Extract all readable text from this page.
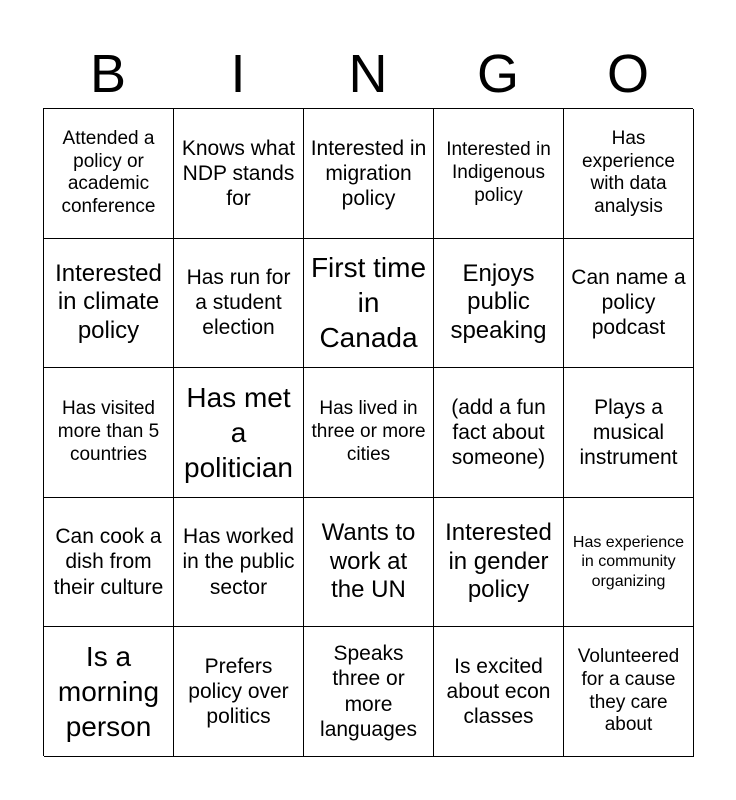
B	I	N	G	O
Attended a policy or academic conference
Knows what NDP stands for
Interested in migration policy
Interested in Indigenous policy
Has experience with data analysis
Interested in climate policy
Has run for a student election
First time in Canada
Enjoys public speaking
Can name a policy podcast
Has visited more than 5 countries
Has met a politician
Has lived in three or more cities
(add a fun fact about someone)
Plays a musical instrument
Can cook a dish from their culture
Has worked in the public sector
Wants to work at the UN
Interested in gender policy
Has experience in community organizing
Is a morning person
Prefers policy over politics
Speaks three or more languages
Is excited about econ classes
Volunteered for a cause they care about
